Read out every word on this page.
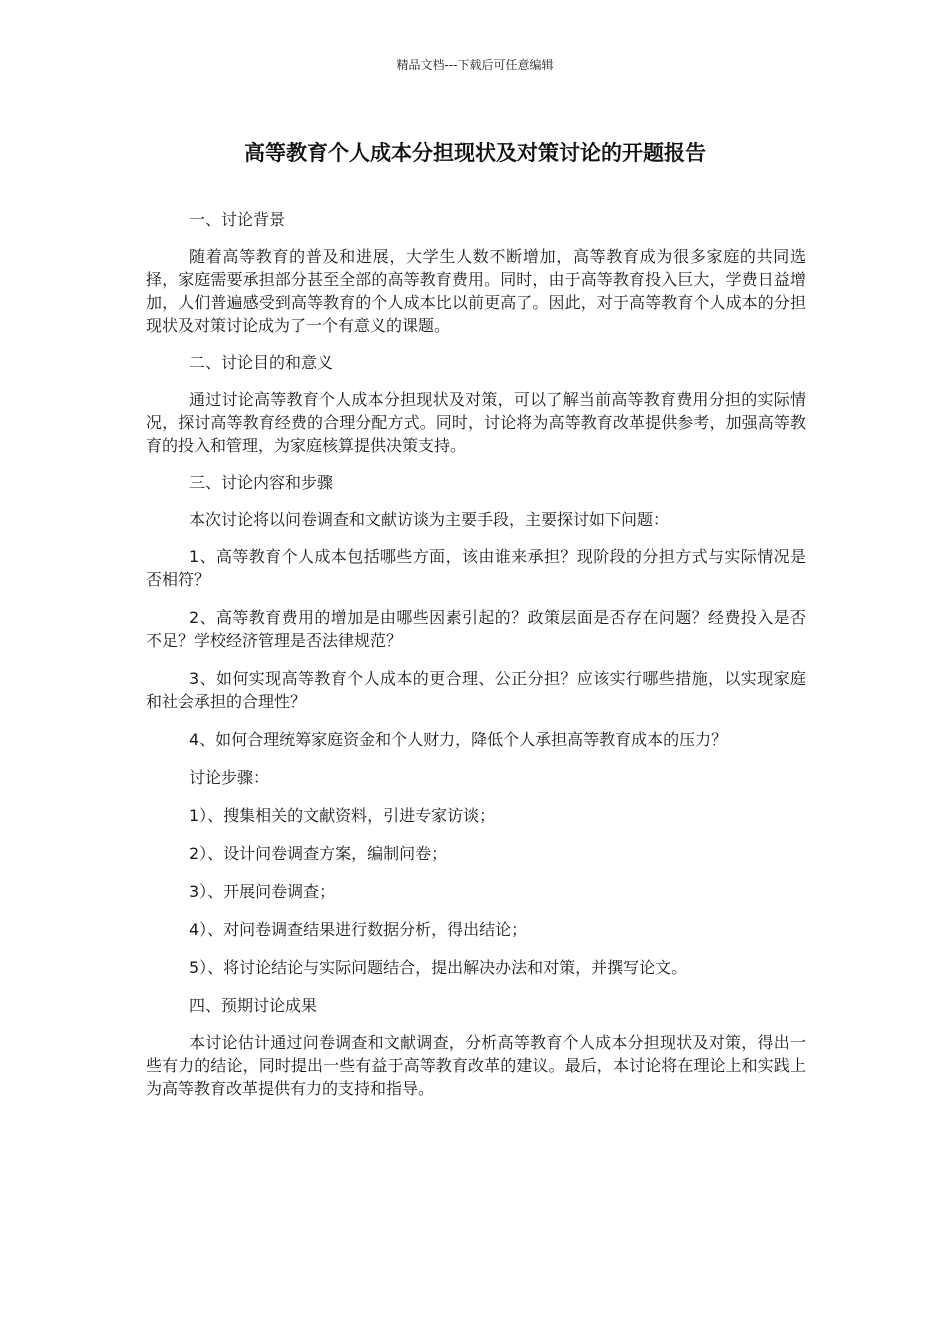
精品文档---下载后可任意编辑
高等教育个人成本分担现状及对策讨论的开题报告

一、讨论背景

随着高等教育的普及和进展，大学生人数不断增加，高等教育成为很多家庭的共同选择，家庭需要承担部分甚至全部的高等教育费用。同时，由于高等教育投入巨大，学费日益增加，人们普遍感受到高等教育的个人成本比以前更高了。因此，对于高等教育个人成本的分担现状及对策讨论成为了一个有意义的课题。

二、讨论目的和意义

通过讨论高等教育个人成本分担现状及对策，可以了解当前高等教育费用分担的实际情况，探讨高等教育经费的合理分配方式。同时，讨论将为高等教育改革提供参考，加强高等教育的投入和管理，为家庭核算提供决策支持。

三、讨论内容和步骤

本次讨论将以问卷调查和文献访谈为主要手段，主要探讨如下问题：

1、高等教育个人成本包括哪些方面，该由谁来承担？现阶段的分担方式与实际情况是否相符？

2、高等教育费用的增加是由哪些因素引起的？政策层面是否存在问题？经费投入是否不足？学校经济管理是否法律规范？

3、如何实现高等教育个人成本的更合理、公正分担？应该实行哪些措施，以实现家庭和社会承担的合理性？

4、如何合理统筹家庭资金和个人财力，降低个人承担高等教育成本的压力？

讨论步骤：

1）、搜集相关的文献资料，引进专家访谈；

2）、设计问卷调查方案，编制问卷；

3）、开展问卷调查；

4）、对问卷调查结果进行数据分析，得出结论；

5）、将讨论结论与实际问题结合，提出解决办法和对策，并撰写论文。

四、预期讨论成果

本讨论估计通过问卷调查和文献调查，分析高等教育个人成本分担现状及对策，得出一些有力的结论，同时提出一些有益于高等教育改革的建议。最后，本讨论将在理论上和实践上为高等教育改革提供有力的支持和指导。
